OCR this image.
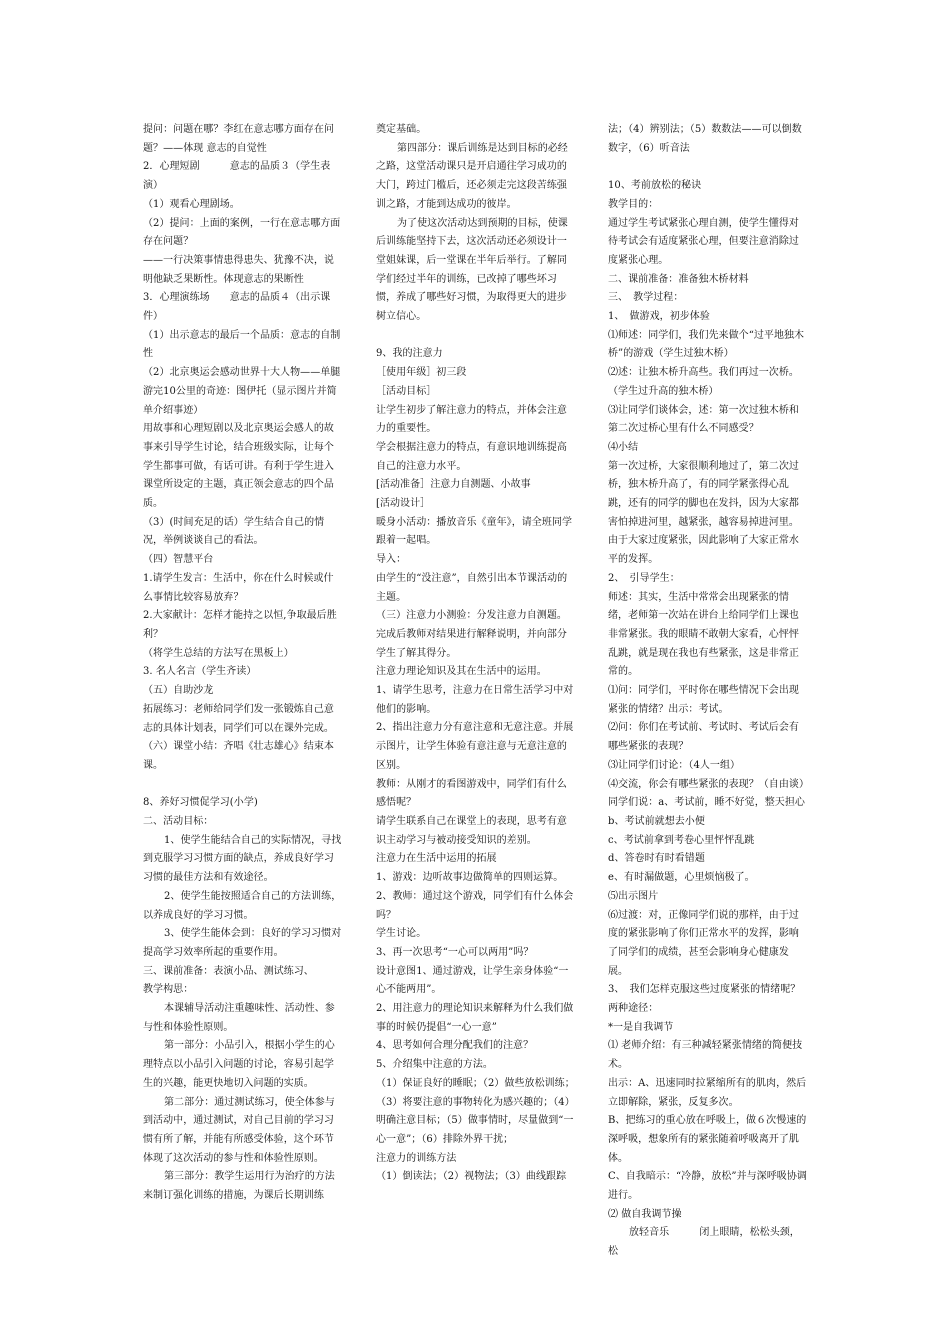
提问：问题在哪？李红在意志哪方面存在问题？——体现 意志的自觉性

2．心理短剧　　　意志的品质３（学生表演）

（1）观看心理剧场。

（2）提问：上面的案例，一行在意志哪方面存在问题？

——一行决策事情患得患失、犹豫不决，说明他缺乏果断性。体现意志的果断性

3．心理演练场　　意志的品质４（出示课件）

（1）出示意志的最后一个品质：意志的自制性

（2）北京奥运会感动世界十大人物——单腿游完10公里的奇迹：图伊托（显示图片并简单介绍事迹）

用故事和心理短剧以及北京奥运会感人的故事来引导学生讨论，结合班级实际，让每个学生都事可做，有话可讲。有利于学生进入课堂所设定的主题，真正领会意志的四个品质。

（3）(时间充足的话）学生结合自己的情况，举例谈谈自己的看法。

（四）智慧平台

1.请学生发言：生活中，你在什么时候或什么事情比较容易放弃？

2.大家献计：怎样才能持之以恒,争取最后胜利？

（将学生总结的方法写在黑板上）

3. 名人名言（学生齐读）

（五）自助沙龙

拓展练习：老师给同学们发一张锻炼自己意志的具体计划表，同学们可以在课外完成。

（六）课堂小结：齐唱《壮志雄心》结束本课。

8、养好习惯促学习(小学)

二、活动目标：

1、使学生能结合自己的实际情况，寻找到克服学习习惯方面的缺点，养成良好学习习惯的最佳方法和有效途径。

2、使学生能按照适合自己的方法训练，以养成良好的学习习惯。

3、使学生能体会到：良好的学习习惯对提高学习效率所起的重要作用。

三、课前准备：表演小品、测试练习、

教学构思：

本课辅导活动注重趣味性、活动性、参与性和体验性原则。

第一部分：小品引入，根据小学生的心理特点以小品引入问题的讨论，容易引起学生的兴趣，能更快地切入问题的实质。

第二部分：通过测试练习，使全体参与到活动中，通过测试，对自己目前的学习习惯有所了解，并能有所感受体验，这个环节体现了这次活动的参与性和体验性原则。

第三部分：教学生运用行为治疗的方法来制订强化训练的措施，为课后长期训练

奠定基础。

第四部分：课后训练是达到目标的必经之路，这堂活动课只是开启通往学习成功的大门，跨过门槛后，还必须走完这段苦练强训之路，才能到达成功的彼岸。

为了使这次活动达到预期的目标，使课后训练能坚持下去，这次活动还必须设计一堂姐妹课，后一堂课在半年后举行。了解同学们经过半年的训练，已改掉了哪些坏习惯，养成了哪些好习惯，为取得更大的进步树立信心。

9、我的注意力

［使用年级］初三段

［活动目标］

让学生初步了解注意力的特点，并体会注意力的重要性。

学会根据注意力的特点，有意识地训练提高自己的注意力水平。

[活动准备］注意力自测题、小故事

[活动设计］

暖身小活动：播放音乐《童年》，请全班同学跟着一起唱。

导入：

由学生的“没注意”，自然引出本节课活动的主题。

（三）注意力小测验：分发注意力自测题。完成后教师对结果进行解释说明，并向部分学生了解其得分。

注意力理论知识及其在生活中的运用。

1、请学生思考，注意力在日常生活学习中对他们的影响。

2、指出注意力分有意注意和无意注意。并展示图片，让学生体验有意注意与无意注意的区别。

教师：从刚才的看图游戏中，同学们有什么感悟呢？

请学生联系自己在课堂上的表现，思考有意识主动学习与被动接受知识的差别。

注意力在生活中运用的拓展

1、游戏：边听故事边做简单的四则运算。

2、教师：通过这个游戏，同学们有什么体会吗？

学生讨论。

3、再一次思考“一心可以两用”吗？

设计意图1、通过游戏，让学生亲身体验“一心不能两用”。

2、用注意力的理论知识来解释为什么我们做事的时候仍提倡“一心一意”

4、思考如何合理分配我们的注意？

5、介绍集中注意的方法。

（1）保证良好的睡眠；（2）做些放松训练；（3）将要注意的事物转化为感兴趣的；（4）明确注意目标；（5）做事情时，尽量做到“一心一意”；（6）排除外界干扰；

注意力的训练方法

（1）倒读法；（2）视物法；（3）曲线跟踪

法；（4）辨别法；（5）数数法——可以倒数数字，（6）听音法

10、考前放松的秘诀

教学目的：

通过学生考试紧张心理自测，使学生懂得对待考试会有适度紧张心理，但要注意消除过度紧张心理。

二、课前准备：准备独木桥材料

三、　教学过程：

1、　做游戏，初步体验

⑴师述：同学们，我们先来做个“过平地独木桥”的游戏（学生过独木桥）

⑵述：让独木桥升高些。我们再过一次桥。（学生过升高的独木桥）

⑶让同学们谈体会，述：第一次过独木桥和第二次过桥心里有什么不同感受？

⑷小结

第一次过桥，大家很顺利地过了，第二次过桥，独木桥升高了，有的同学紧张得心乱跳，还有的同学的脚也在发抖，因为大家都害怕掉进河里，越紧张，越容易掉进河里。由于大家过度紧张，因此影响了大家正常水平的发挥。

2、　引导学生：

师述：其实，生活中常常会出现紧张的情绪，老师第一次站在讲台上给同学们上课也非常紧张。我的眼睛不敢朝大家看，心怦怦乱跳，就是现在我也有些紧张，这是非常正常的。

⑴问：同学们，平时你在哪些情况下会出现紧张的情绪？出示：考试。

⑵问：你们在考试前、考试时、考试后会有哪些紧张的表现？

⑶让同学们讨论：（4人一组）

⑷交流，你会有哪些紧张的表现？（自由谈）同学们说：a、考试前，睡不好觉，整天担心

b、考试前就想去小便

c、考试前拿到考卷心里怦怦乱跳

d、答卷时有时看错题

e、有时漏做题，心里烦恼极了。

⑸出示图片

⑹过渡：对，正像同学们说的那样，由于过度的紧张影响了你们正常水平的发挥，影响了同学们的成绩，甚至会影响身心健康发展。

3、　我们怎样克服这些过度紧张的情绪呢？

两种途径：

*一是自我调节

⑴ 老师介绍：有三种减轻紧张情绪的简便技术。

出示：A、迅速同时拉紧缩所有的肌肉，然后立即解除，紧张，反复多次。

B、把练习的重心放在呼吸上，做６次慢速的深呼吸，想象所有的紧张随着呼吸离开了肌体。

C、自我暗示：“冷静，放松”并与深呼吸协调进行。

⑵ 做自我调节操

放轻音乐　　　闭上眼睛，松松头颈，松
